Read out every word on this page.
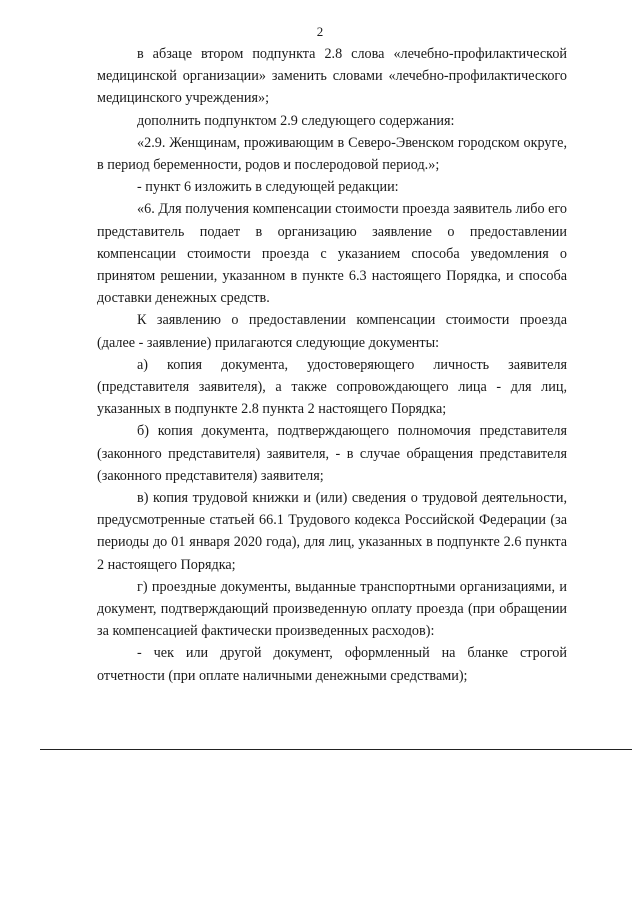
2

в абзаце втором подпункта 2.8 слова «лечебно-профилактической медицинской организации» заменить словами «лечебно-профилактического медицинского учреждения»;

дополнить подпунктом 2.9 следующего содержания:

«2.9. Женщинам, проживающим в Северо-Эвенском городском округе, в период беременности, родов и послеродовой период.»;

- пункт 6 изложить в следующей редакции:

«6. Для получения компенсации стоимости проезда заявитель либо его представитель подает в организацию заявление о предоставлении компенсации стоимости проезда с указанием способа уведомления о принятом решении, указанном в пункте 6.3 настоящего Порядка, и способа доставки денежных средств.

К заявлению о предоставлении компенсации стоимости проезда (далее - заявление) прилагаются следующие документы:

а) копия документа, удостоверяющего личность заявителя (представителя заявителя), а также сопровождающего лица - для лиц, указанных в подпункте 2.8 пункта 2 настоящего Порядка;

б) копия документа, подтверждающего полномочия представителя (законного представителя) заявителя, - в случае обращения представителя (законного представителя) заявителя;

в) копия трудовой книжки и (или) сведения о трудовой деятельности, предусмотренные статьей 66.1 Трудового кодекса Российской Федерации (за периоды до 01 января 2020 года), для лиц, указанных в подпункте 2.6 пункта 2 настоящего Порядка;

г) проездные документы, выданные транспортными организациями, и документ, подтверждающий произведенную оплату проезда (при обращении за компенсацией фактически произведенных расходов):

- чек или другой документ, оформленный на бланке строгой отчетности (при оплате наличными денежными средствами);
